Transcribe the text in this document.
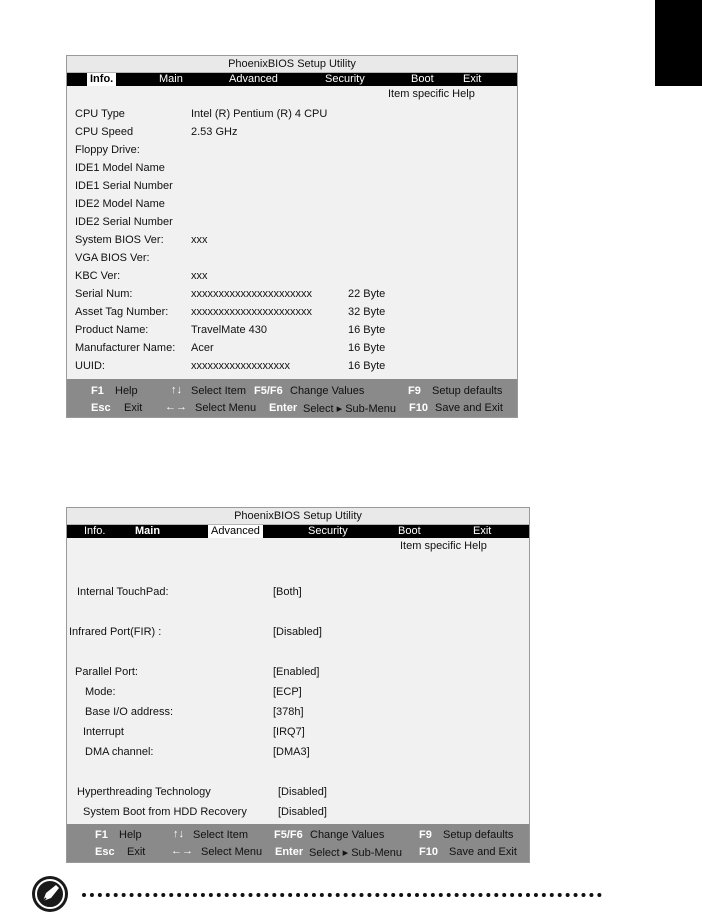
PhoenixBIOS Setup Utility
Info.	Main	Advanced	Security	Boot	Exit
Item specific Help
CPU Type	Intel (R) Pentium (R) 4 CPU
CPU Speed	2.53 GHz
Floppy Drive:
IDE1 Model Name
IDE1 Serial Number
IDE2 Model Name
IDE2 Serial Number
System BIOS Ver: xxx
VGA BIOS Ver:
KBC Ver:	xxx
Serial Num:	xxxxxxxxxxxxxxxxxxxxxx	22 Byte
Asset Tag Number: xxxxxxxxxxxxxxxxxxxxxx	32 Byte
Product Name:	TravelMate 430	16 Byte
Manufacturer Name: Acer	16 Byte
UUID:	xxxxxxxxxxxxxxxxxx	16 Byte
F1 Help	↑↓ Select Item F5/F6 Change Values	F9 Setup defaults
Esc Exit ←→ Select Menu Enter Select ▸ Sub-Menu F10 Save and Exit
PhoenixBIOS Setup Utility
Info.	Main	Advanced	Security	Boot	Exit
Item specific Help
Internal TouchPad:	[Both]
Infrared Port(FIR) :	[Disabled]
Parallel Port:	[Enabled]
Mode:	[ECP]
Base I/O address:	[378h]
Interrupt	[IRQ7]
DMA channel:	[DMA3]
Hyperthreading Technology	[Disabled]
System Boot from HDD Recovery	[Disabled]
F1 Help	↑↓ Select Item F5/F6 Change Values	F9 Setup defaults
Esc Exit ←→ Select Menu Enter Select ▸ Sub-Menu F10 Save and Exit
